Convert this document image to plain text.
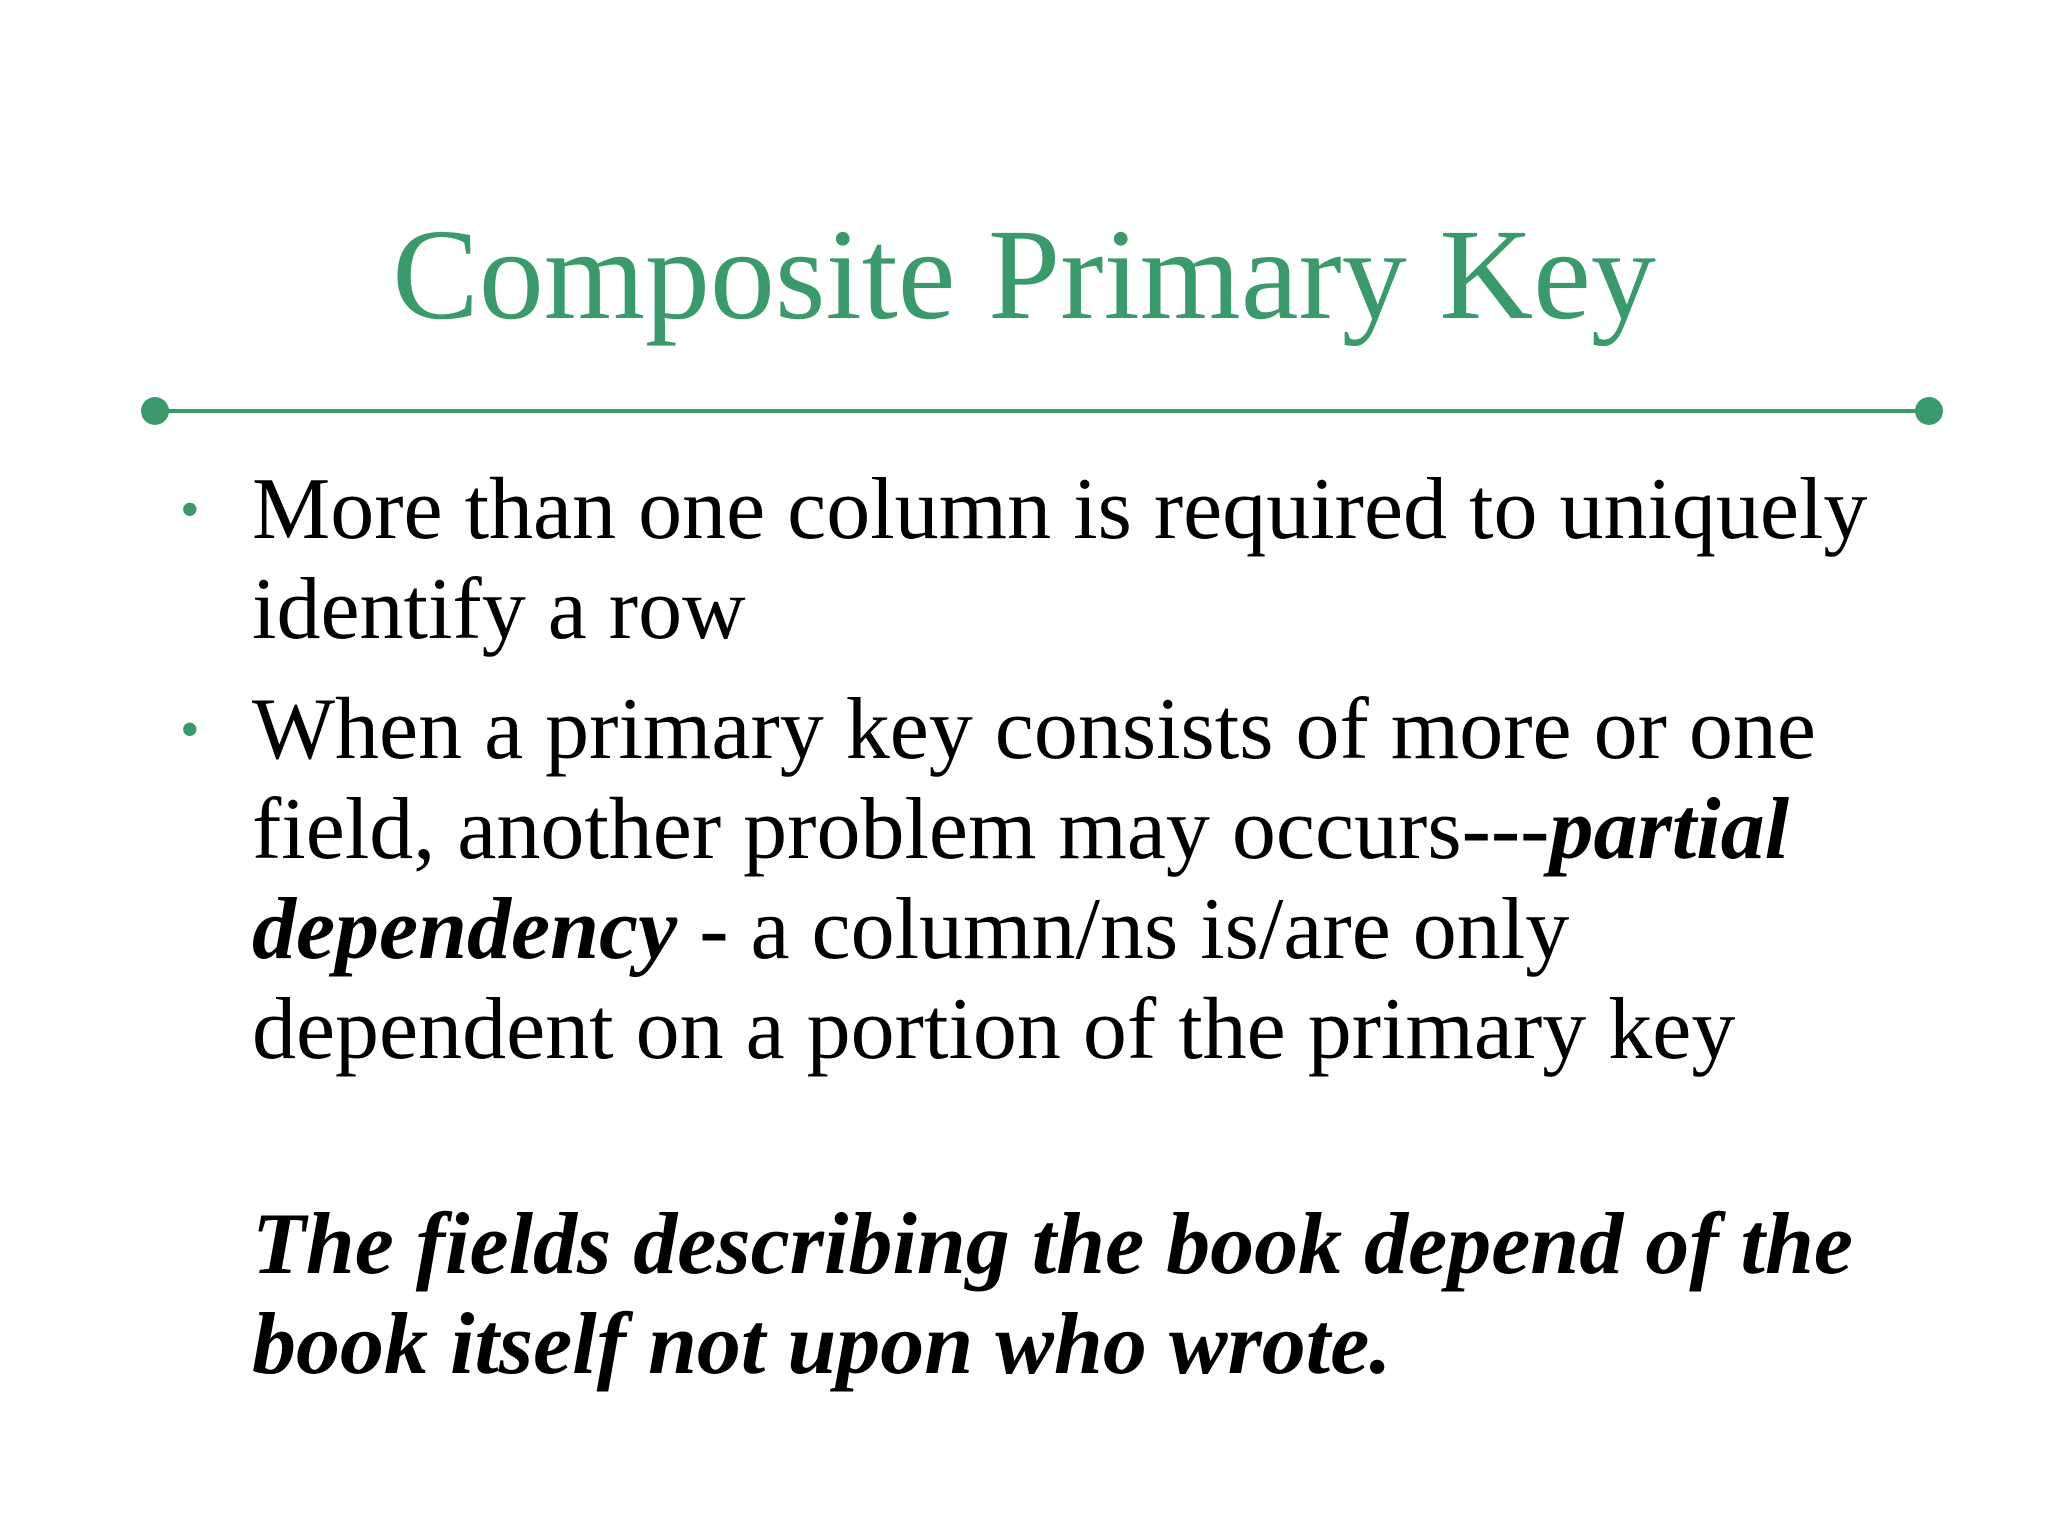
Composite Primary Key
• More than one column is required to uniquely identify a row
• When a primary key consists of more or one field, another problem may occurs---partial dependency - a column/ns is/are only dependent on a portion of the primary key
The fields describing the book depend of the book itself not upon who wrote.
